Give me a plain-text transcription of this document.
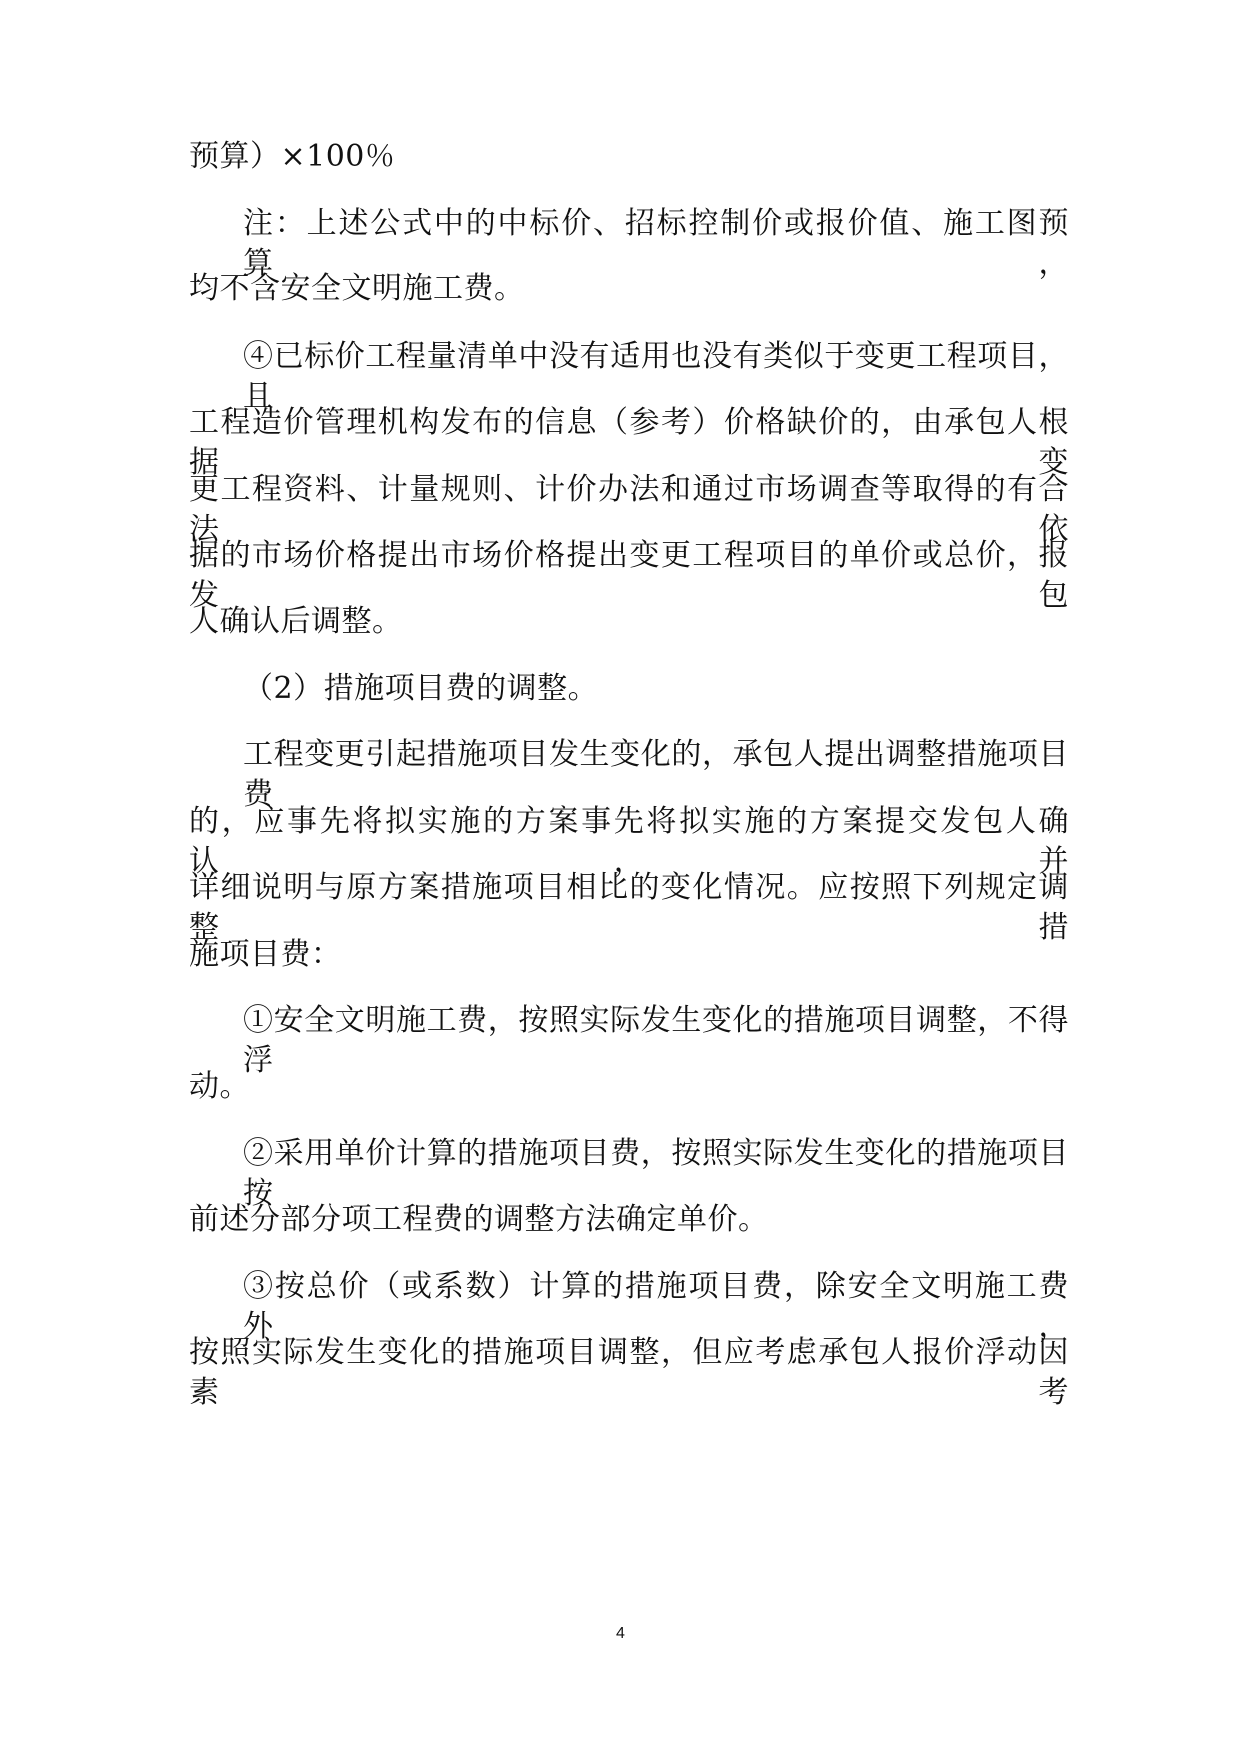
预算）×100％
注：上述公式中的中标价、招标控制价或报价值、施工图预算，
均不含安全文明施工费。
④已标价工程量清单中没有适用也没有类似于变更工程项目，且
工程造价管理机构发布的信息（参考）价格缺价的，由承包人根据变
更工程资料、计量规则、计价办法和通过市场调查等取得的有合法依
据的市场价格提出市场价格提出变更工程项目的单价或总价，报发包
人确认后调整。
（2）措施项目费的调整。
工程变更引起措施项目发生变化的，承包人提出调整措施项目费
的，应事先将拟实施的方案事先将拟实施的方案提交发包人确认，并
详细说明与原方案措施项目相比的变化情况。应按照下列规定调整措
施项目费：
①安全文明施工费，按照实际发生变化的措施项目调整，不得浮
动。
②采用单价计算的措施项目费，按照实际发生变化的措施项目按
前述分部分项工程费的调整方法确定单价。
③按总价（或系数）计算的措施项目费，除安全文明施工费外，
按照实际发生变化的措施项目调整，但应考虑承包人报价浮动因素考
4
